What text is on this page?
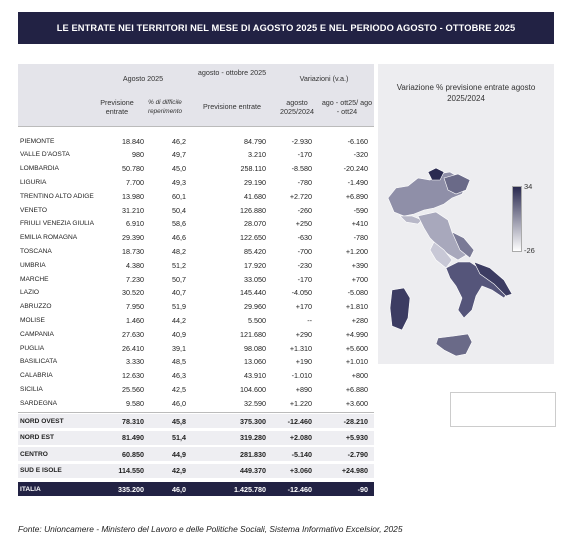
LE ENTRATE NEI TERRITORI NEL MESE DI AGOSTO 2025 E NEL PERIODO AGOSTO - OTTOBRE 2025
Agosto 2025
agosto - ottobre 2025
Variazioni (v.a.)
Previsione entrate
% di difficile reperimento
Previsione entrate	agosto 2025/2024
ago - ott25/ ago - ott24
PIEMONTE	18.840	46,2	84.790	-2.930	-6.160
VALLE D'AOSTA	980	49,7	3.210	-170	-320
LOMBARDIA	50.780	45,0	258.110	-8.580	-20.240
LIGURIA	7.700	49,3	29.190	-780	-1.490
TRENTINO ALTO ADIGE	13.980	60,1	41.680	+2.720	+6.890
VENETO	31.210	50,4	126.880	-260	-590
FRIULI VENEZIA GIULIA	6.910	58,6	28.070	+250	+410
EMILIA ROMAGNA	29.390	46,6	122.650	-630	-780
TOSCANA	18.730	48,2	85.420	-700	+1.200
UMBRIA	4.380	51,2	17.920	-230	+390
MARCHE	7.230	50,7	33.050	-170	+700
LAZIO	30.520	40,7	145.440	-4.050	-5.080
ABRUZZO	7.950	51,9	29.960	+170	+1.810
MOLISE	1.460	44,2	5.500	--	+280
CAMPANIA	27.630	40,9	121.680	+290	+4.990
PUGLIA	26.410	39,1	98.080	+1.310	+5.600
BASILICATA	3.330	48,5	13.060	+190	+1.010
CALABRIA	12.630	46,3	43.910	-1.010	+800
SICILIA	25.560	42,5	104.600	+890	+6.880
SARDEGNA	9.580	46,0	32.590	+1.220	+3.600
NORD OVEST	78.310	45,8	375.300	-12.460	-28.210
NORD EST	81.490	51,4	319.280	+2.080	+5.930
CENTRO	60.850	44,9	281.830	-5.140	-2.790
SUD E ISOLE	114.550	42,9	449.370	+3.060	+24.980
ITALIA	335.200	46,0	1.425.780	-12.460	-90
Variazione % previsione entrate agosto 2025/2024
34
-26
Fonte: Unioncamere - Ministero del Lavoro e delle Politiche Sociali, Sistema Informativo Excelsior, 2025
